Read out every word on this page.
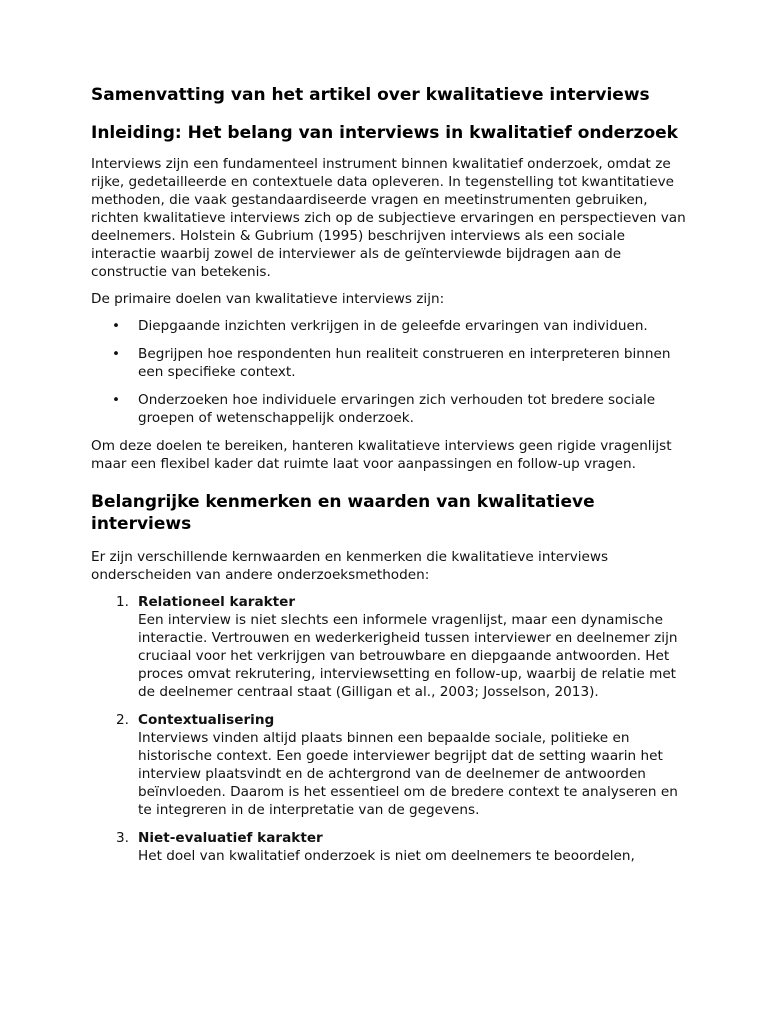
Samenvatting van het artikel over kwalitatieve interviews
Inleiding: Het belang van interviews in kwalitatief onderzoek

Interviews zijn een fundamenteel instrument binnen kwalitatief onderzoek, omdat ze rijke, gedetailleerde en contextuele data opleveren. In tegenstelling tot kwantitatieve methoden, die vaak gestandaardiseerde vragen en meetinstrumenten gebruiken, richten kwalitatieve interviews zich op de subjectieve ervaringen en perspectieven van deelnemers. Holstein & Gubrium (1995) beschrijven interviews als een sociale interactie waarbij zowel de interviewer als de geïnterviewde bijdragen aan de constructie van betekenis.

De primaire doelen van kwalitatieve interviews zijn:

• Diepgaande inzichten verkrijgen in de geleefde ervaringen van individuen.
• Begrijpen hoe respondenten hun realiteit construeren en interpreteren binnen een specifieke context.
• Onderzoeken hoe individuele ervaringen zich verhouden tot bredere sociale groepen of wetenschappelijk onderzoek.

Om deze doelen te bereiken, hanteren kwalitatieve interviews geen rigide vragenlijst maar een flexibel kader dat ruimte laat voor aanpassingen en follow-up vragen.

Belangrijke kenmerken en waarden van kwalitatieve interviews

Er zijn verschillende kernwaarden en kenmerken die kwalitatieve interviews onderscheiden van andere onderzoeksmethoden:

1. Relationeel karakter
Een interview is niet slechts een informele vragenlijst, maar een dynamische interactie. Vertrouwen en wederkerigheid tussen interviewer en deelnemer zijn cruciaal voor het verkrijgen van betrouwbare en diepgaande antwoorden. Het proces omvat rekrutering, interviewsetting en follow-up, waarbij de relatie met de deelnemer centraal staat (Gilligan et al., 2003; Josselson, 2013).
2. Contextualisering
Interviews vinden altijd plaats binnen een bepaalde sociale, politieke en historische context. Een goede interviewer begrijpt dat de setting waarin het interview plaatsvindt en de achtergrond van de deelnemer de antwoorden beïnvloeden. Daarom is het essentieel om de bredere context te analyseren en te integreren in de interpretatie van de gegevens.
3. Niet-evaluatief karakter
Het doel van kwalitatief onderzoek is niet om deelnemers te beoordelen,
